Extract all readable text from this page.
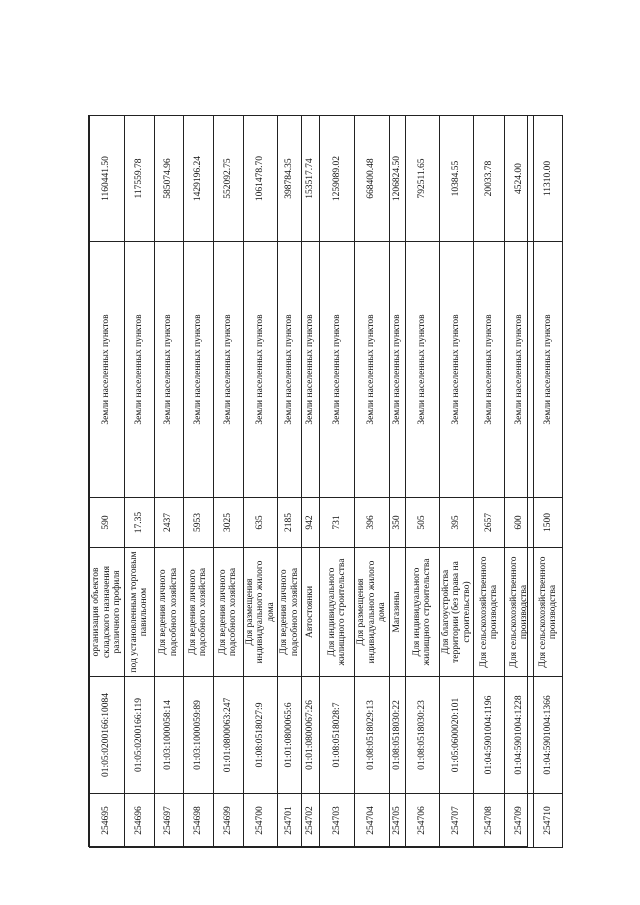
254695	01:05:0200166:10084	организация объектов складского назначения различного профиля	590	Земли населенных пунктов	1160441.50
254696	01:05:0200166:119	под установленным торговым павильоном	17.35	Земли населенных пунктов	117559.78
254697	01:03:1000058:14	Для ведения личного подсобного хозяйства	2437	Земли населенных пунктов	585074.96
254698	01:03:1000059:89	Для ведения личного подсобного хозяйства	5953	Земли населенных пунктов	1429196.24
254699	01:01:0800063:247	Для ведения личного подсобного хозяйства	3025	Земли населенных пунктов	552092.75
254700	01:08:0518027:9	Для размещения индивидуального жилого дома	635	Земли населенных пунктов	1061478.70
254701	01:01:0800065:6	Для ведения личного подсобного хозяйства	2185	Земли населенных пунктов	398784.35
254702	01:01:0800067:26	Автостоянки	942	Земли населенных пунктов	153517.74
254703	01:08:0518028:7	Для индивидуального жилищного строительства	731	Земли населенных пунктов	1259089.02
254704	01:08:0518029:13	Для размещения индивидуального жилого дома	396	Земли населенных пунктов	668400.48
254705	01:08:0518030:22	Магазины	350	Земли населенных пунктов	1206824.50
254706	01:08:0518030:23	Для индивидуального жилищного строительства	505	Земли населенных пунктов	792511.65
254707	01:05:0600020:101	Для благоустройства территории (без права на строительство)	395	Земли населенных пунктов	10384.55
254708	01:04:5901004:1196	Для сельскохозяйственного производства	2657	Земли населенных пунктов	20033.78
254709	01:04:5901004:1228	Для сельскохозяйственного производства	600	Земли населенных пунктов	4524.00
254710	01:04:5901004:1366	Для сельскохозяйственного производства	1500	Земли населенных пунктов	11310.00
